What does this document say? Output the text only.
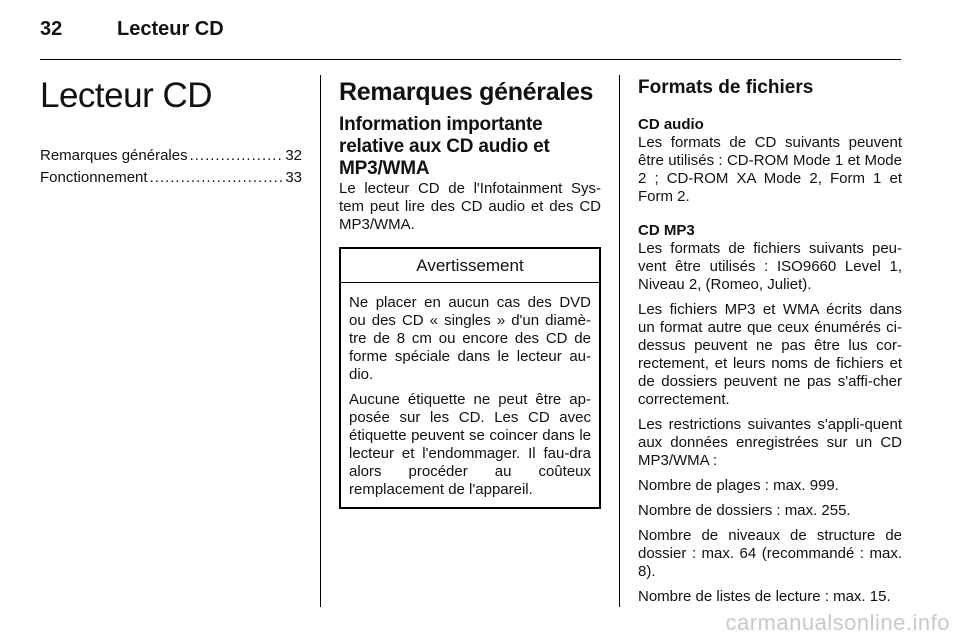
32	Lecteur CD
Lecteur CD
Remarques générales .....	32
Fonctionnement .....	33
Remarques générales
Information importante relative aux CD audio et MP3/WMA

Le lecteur CD de l'Infotainment Sys-tem peut lire des CD audio et des CD MP3/WMA.

Avertissement

Ne placer en aucun cas des DVD ou des CD « singles » d'un diamè-tre de 8 cm ou encore des CD de forme spéciale dans le lecteur au-dio.

Aucune étiquette ne peut être ap-posée sur les CD. Les CD avec étiquette peuvent se coincer dans le lecteur et l'endommager. Il fau-dra alors procéder au coûteux remplacement de l'appareil.

Formats de fichiers
CD audio

Les formats de CD suivants peuvent être utilisés : CD-ROM Mode 1 et Mode 2 ; CD-ROM XA Mode 2, Form 1 et Form 2.

CD MP3

Les formats de fichiers suivants peu-vent être utilisés : ISO9660 Level 1, Niveau 2, (Romeo, Juliet).

Les fichiers MP3 et WMA écrits dans un format autre que ceux énumérés ci-dessus peuvent ne pas être lus cor-rectement, et leurs noms de fichiers et de dossiers peuvent ne pas s'affi-cher correctement.

Les restrictions suivantes s'appli-quent aux données enregistrées sur un CD MP3/WMA :

Nombre de plages : max. 999.

Nombre de dossiers : max. 255.

Nombre de niveaux de structure de dossier : max. 64 (recommandé : max. 8).

Nombre de listes de lecture : max. 15.

carmanualsonline.info
